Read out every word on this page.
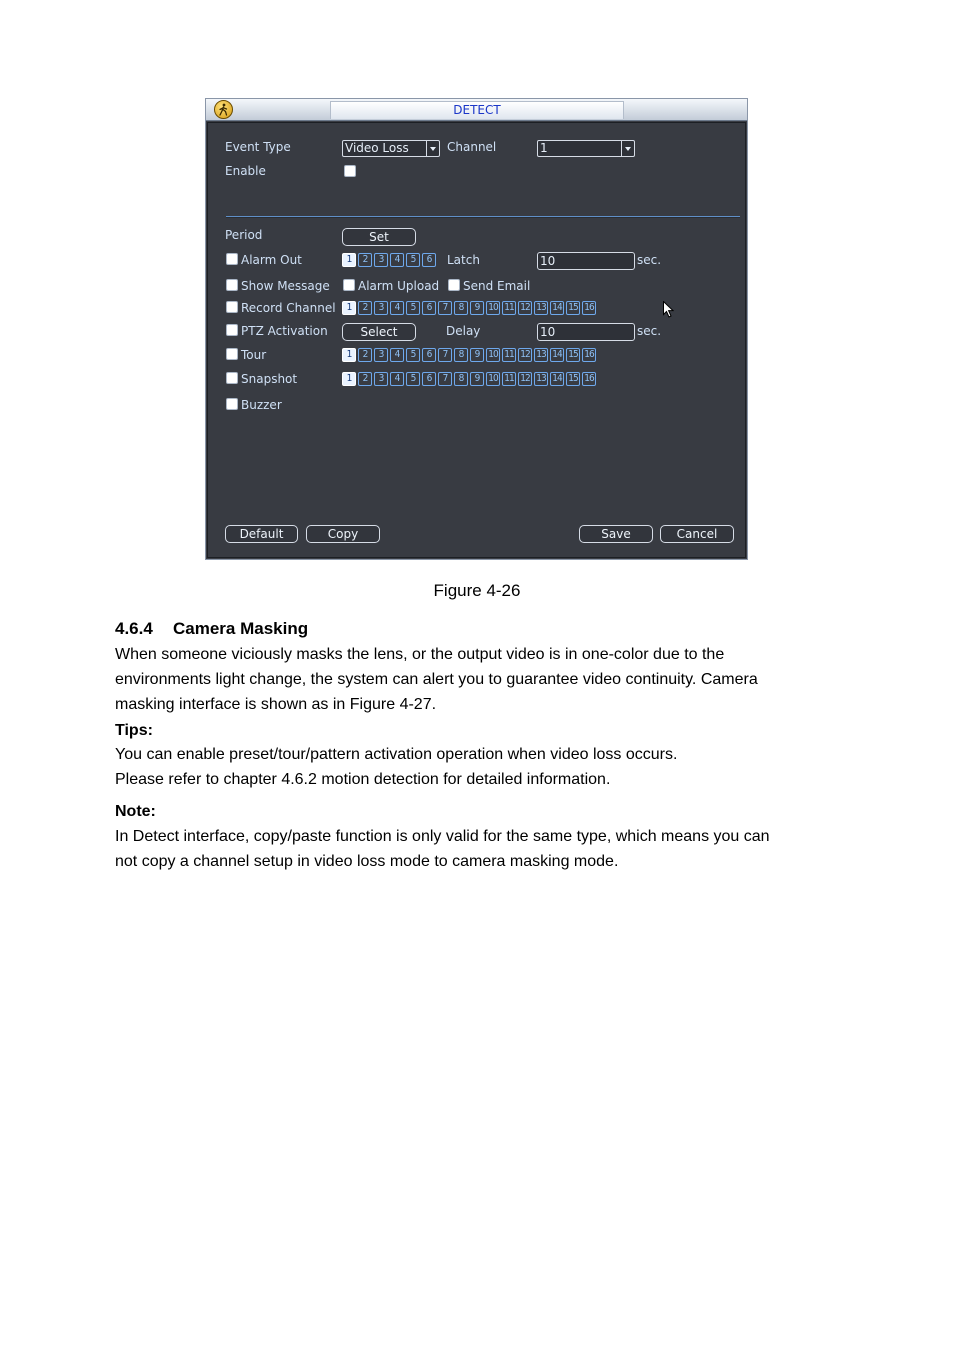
DETECT
Event Type	Video Loss	Channel	1
Enable
Period	Set
Alarm Out	1	2	3	4	5	6	Latch	10	sec.
Show Message Alarm Upload Send Email
Record Channel	1	2	3	4	5	6	7	8	9 10 11 12 13 14 15 16
PTZ Activation	Select	Delay	10	sec.
Tour	1	2	3	4	5	6	7	8	9 10 11 12 13 14 15 16
Snapshot	1	2	3	4	5	6	7	8	9 10 11 12 13 14 15 16
Buzzer
Default	Copy	Save	Cancel
Figure 4-26
4.6.4 Camera Masking

When someone viciously masks the lens, or the output video is in one-color due to the
environments light change, the system can alert you to guarantee video continuity. Camera
masking interface is shown as in Figure 4-27.

Tips:

You can enable preset/tour/pattern activation operation when video loss occurs.
Please refer to chapter 4.6.2 motion detection for detailed information.

Note:

In Detect interface, copy/paste function is only valid for the same type, which means you can
not copy a channel setup in video loss mode to camera masking mode.
